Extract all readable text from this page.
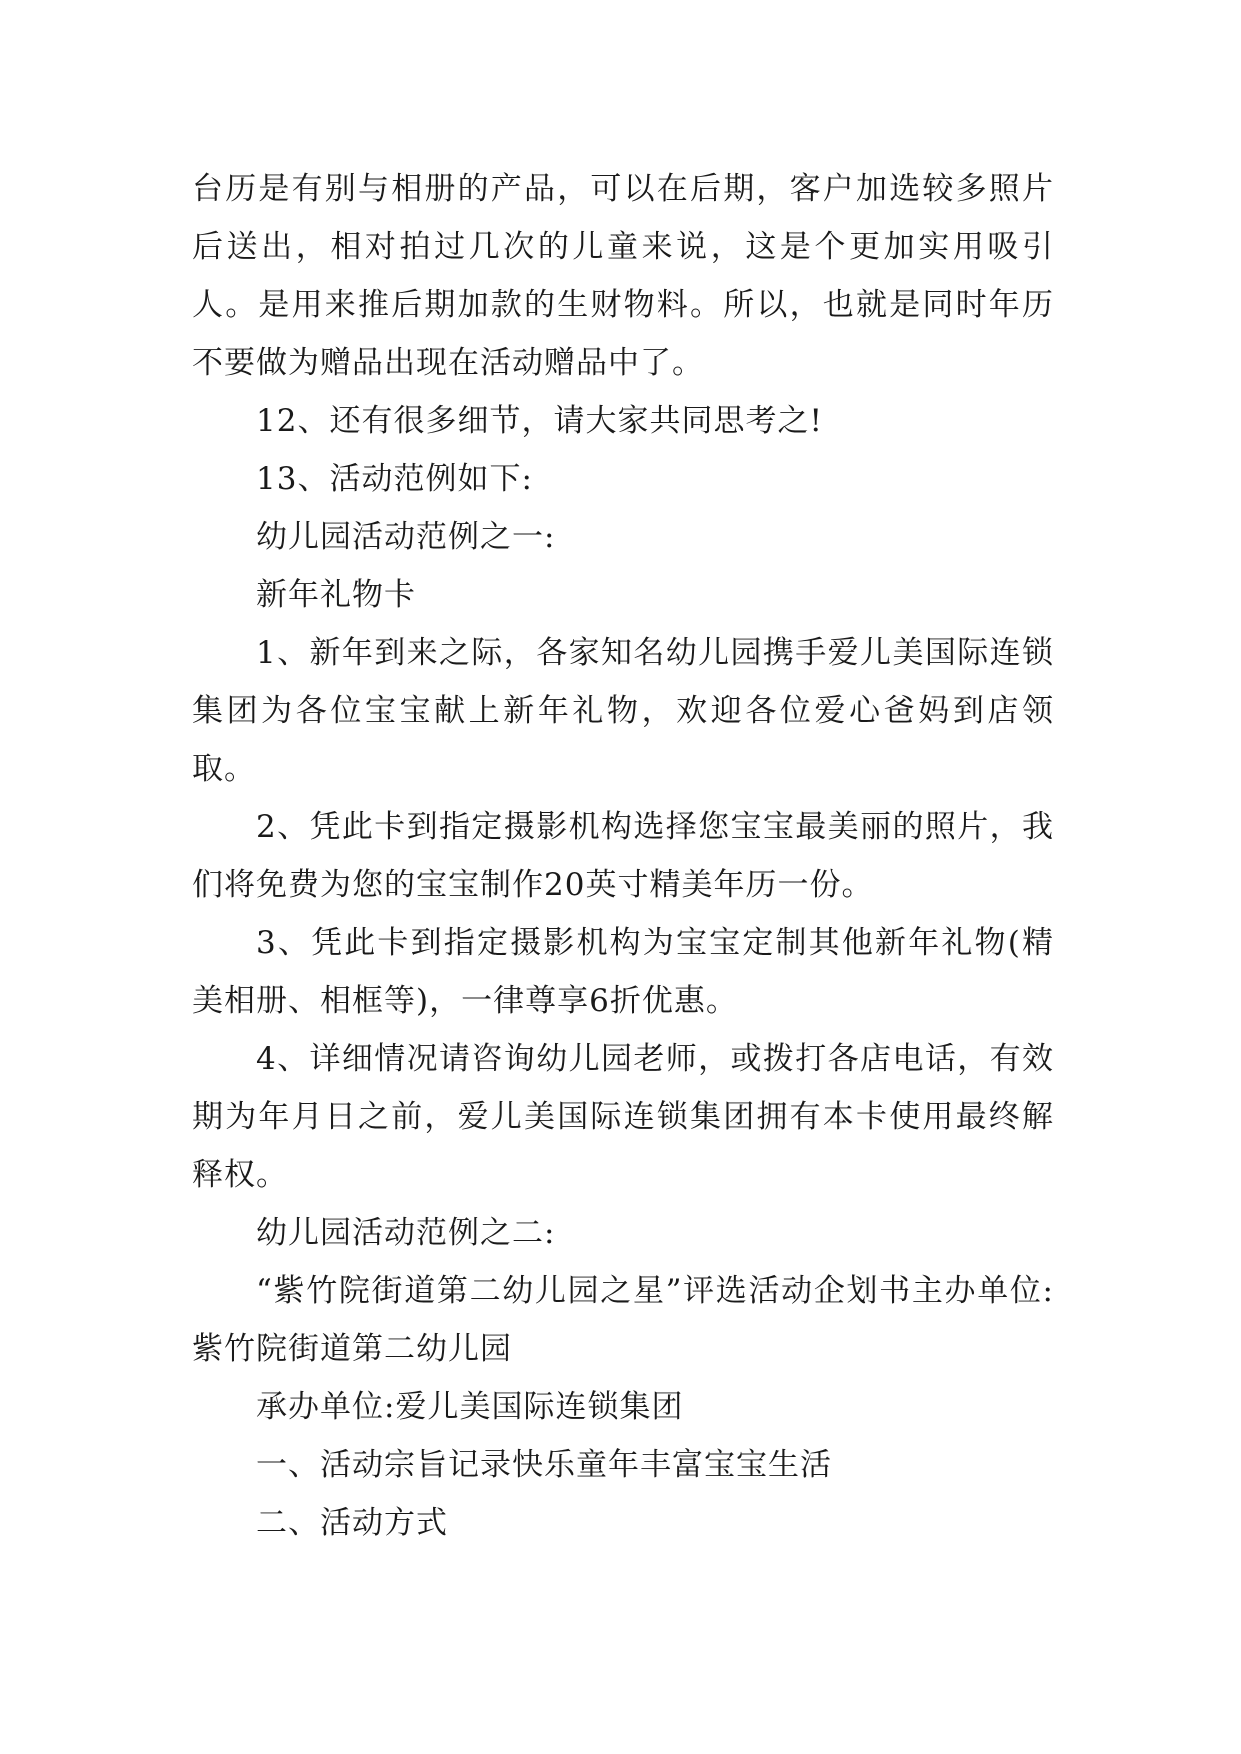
台历是有别与相册的产品，可以在后期，客户加选较多照片后送出，相对拍过几次的儿童来说，这是个更加实用吸引人。是用来推后期加款的生财物料。所以，也就是同时年历不要做为赠品出现在活动赠品中了。

12、还有很多细节，请大家共同思考之!

13、活动范例如下:

幼儿园活动范例之一:

新年礼物卡

1、新年到来之际，各家知名幼儿园携手爱儿美国际连锁集团为各位宝宝献上新年礼物，欢迎各位爱心爸妈到店领取。

2、凭此卡到指定摄影机构选择您宝宝最美丽的照片，我们将免费为您的宝宝制作20英寸精美年历一份。

3、凭此卡到指定摄影机构为宝宝定制其他新年礼物(精美相册、相框等)，一律尊享6折优惠。

4、详细情况请咨询幼儿园老师，或拨打各店电话，有效期为年月日之前，爱儿美国际连锁集团拥有本卡使用最终解释权。

幼儿园活动范例之二:

“紫竹院街道第二幼儿园之星”评选活动企划书主办单位:紫竹院街道第二幼儿园

承办单位:爱儿美国际连锁集团

一、活动宗旨记录快乐童年丰富宝宝生活

二、活动方式
